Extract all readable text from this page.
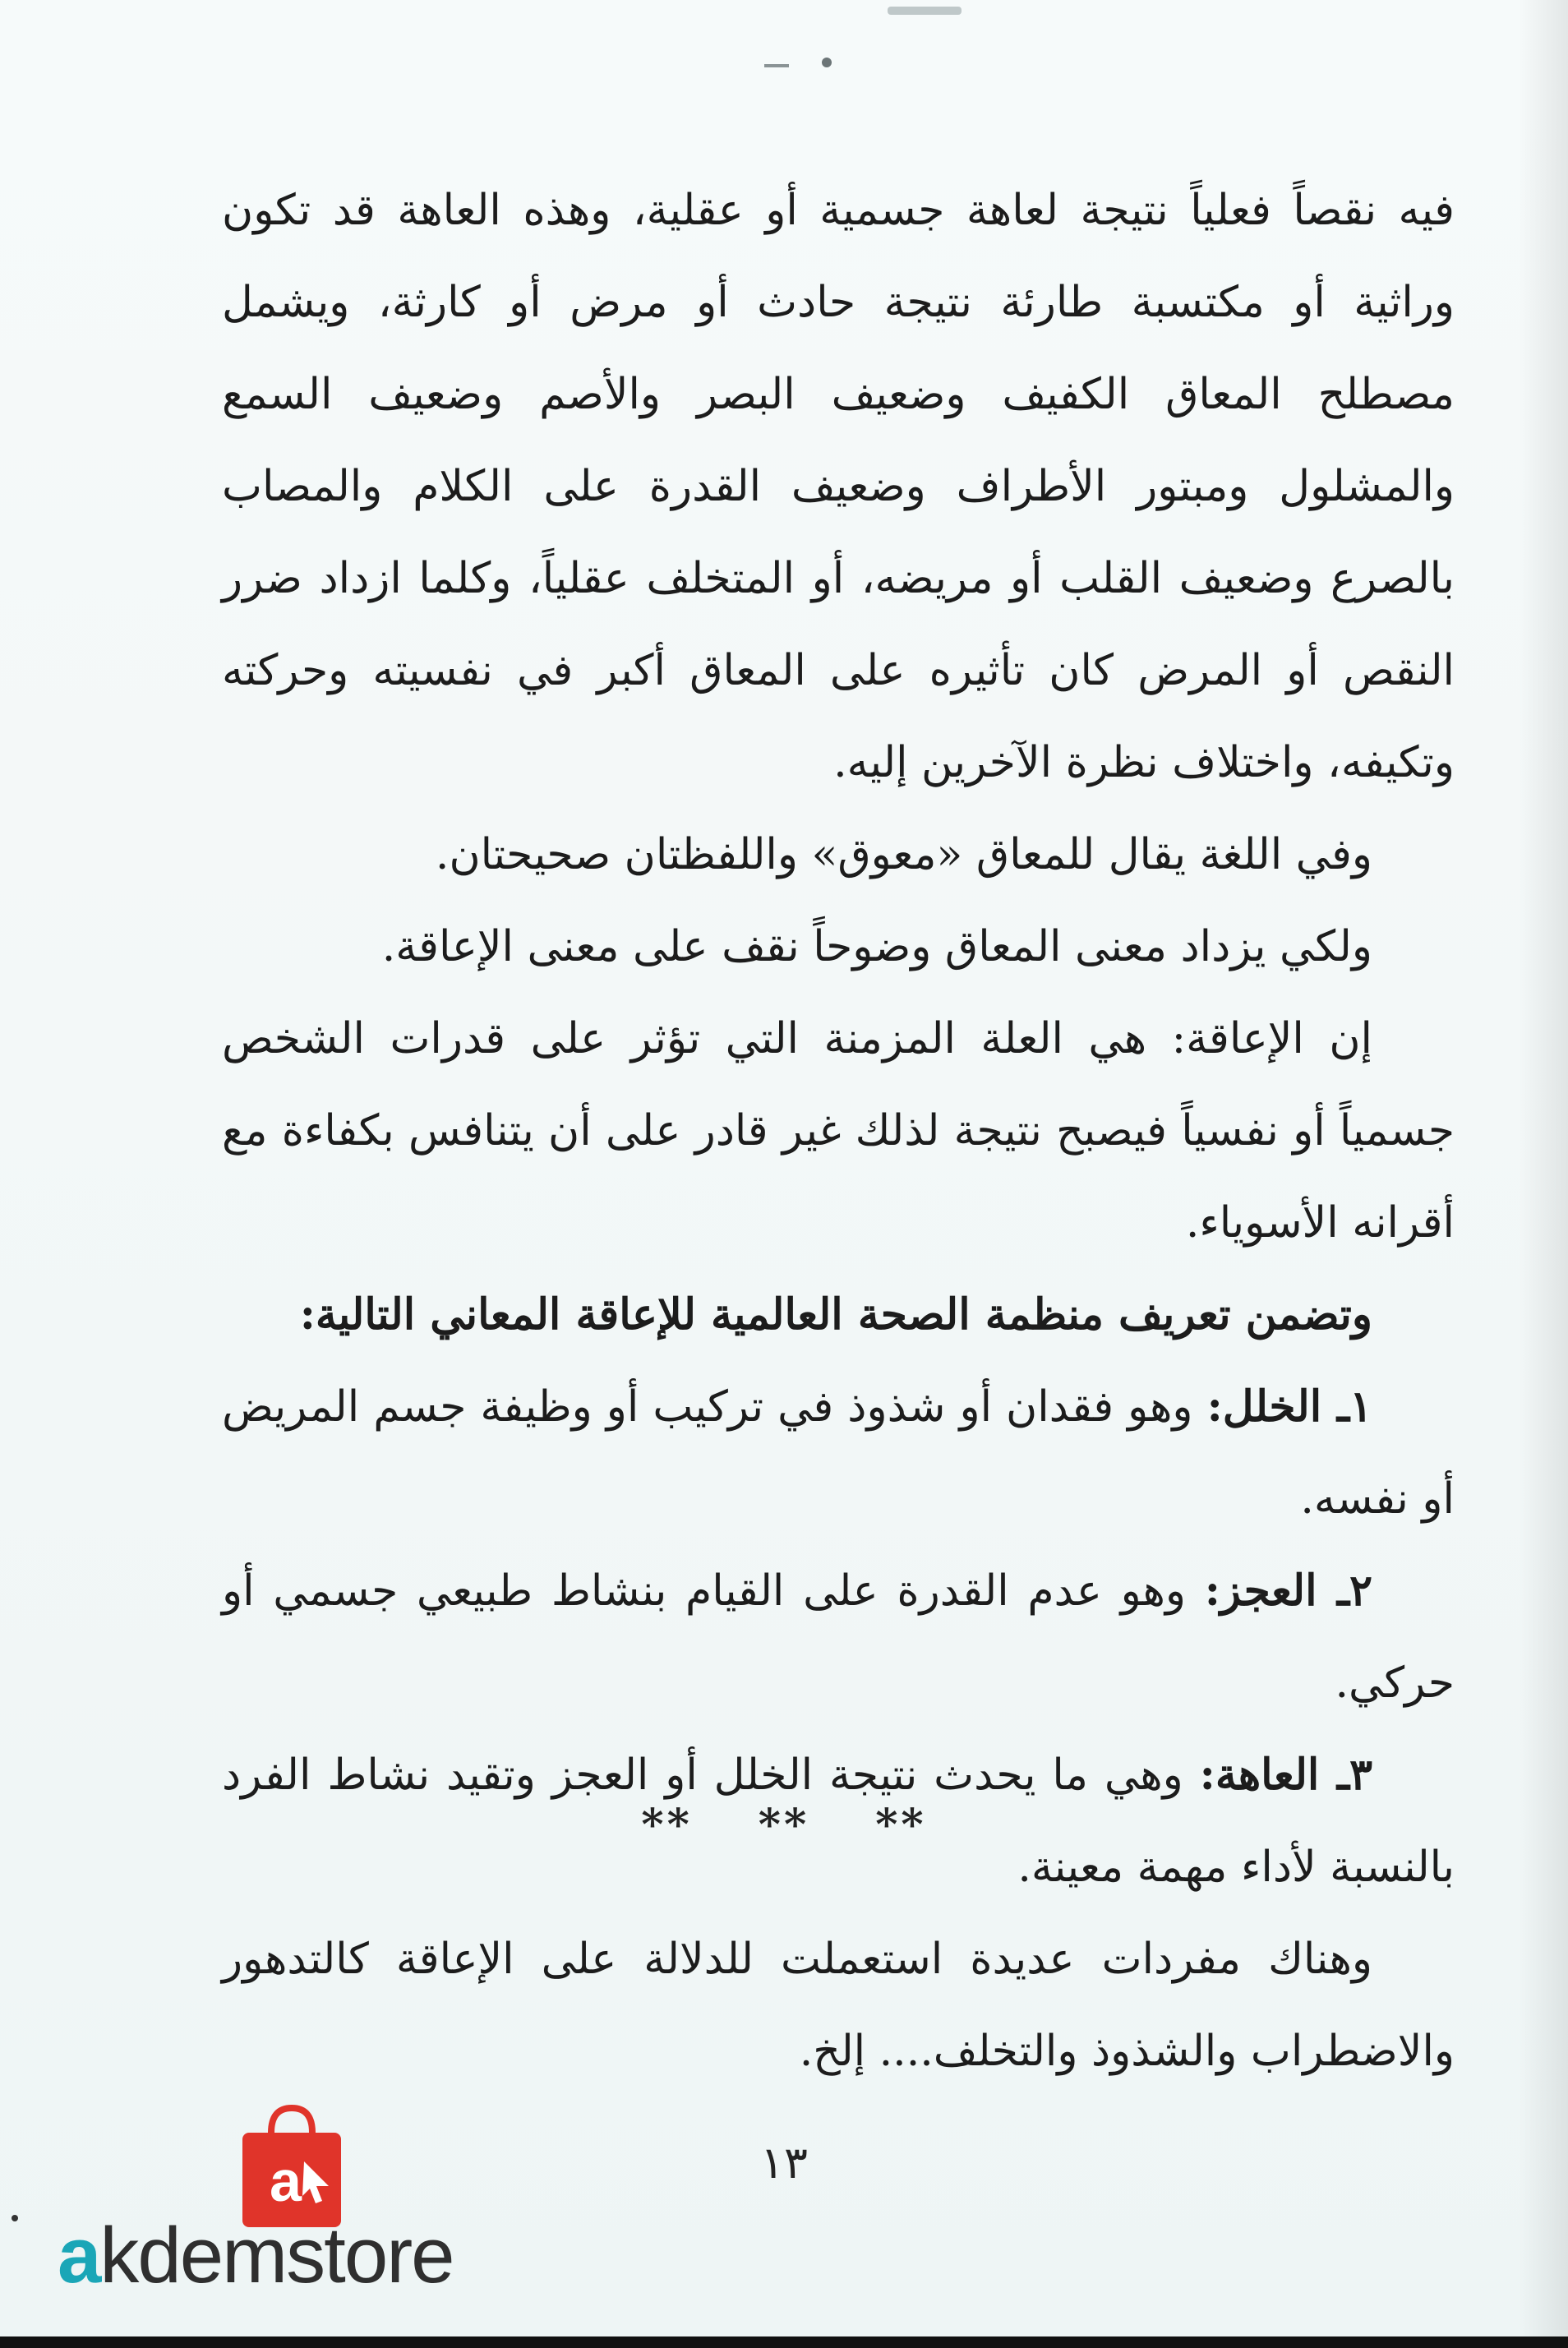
فيه نقصاً فعلياً نتيجة لعاهة جسمية أو عقلية، وهذه العاهة قد تكون وراثية أو مكتسبة طارئة نتيجة حادث أو مرض أو كارثة، ويشمل مصطلح المعاق الكفيف وضعيف البصر والأصم وضعيف السمع والمشلول ومبتور الأطراف وضعيف القدرة على الكلام والمصاب بالصرع وضعيف القلب أو مريضه، أو المتخلف عقلياً، وكلما ازداد ضرر النقص أو المرض كان تأثيره على المعاق أكبر في نفسيته وحركته وتكيفه، واختلاف نظرة الآخرين إليه.

وفي اللغة يقال للمعاق «معوق» واللفظتان صحيحتان.

ولكي يزداد معنى المعاق وضوحاً نقف على معنى الإعاقة.

إن الإعاقة: هي العلة المزمنة التي تؤثر على قدرات الشخص جسمياً أو نفسياً فيصبح نتيجة لذلك غير قادر على أن يتنافس بكفاءة مع أقرانه الأسوياء.

وتضمن تعريف منظمة الصحة العالمية للإعاقة المعاني التالية:

١ـ الخلل: وهو فقدان أو شذوذ في تركيب أو وظيفة جسم المريض أو نفسه.

٢ـ العجز: وهو عدم القدرة على القيام بنشاط طبيعي جسمي أو حركي.

٣ـ العاهة: وهي ما يحدث نتيجة الخلل أو العجز وتقيد نشاط الفرد بالنسبة لأداء مهمة معينة.

وهناك مفردات عديدة استعملت للدلالة على الإعاقة كالتدهور والاضطراب والشذوذ والتخلف.... إلخ.

** ** **
١٣
a
akdemstore
